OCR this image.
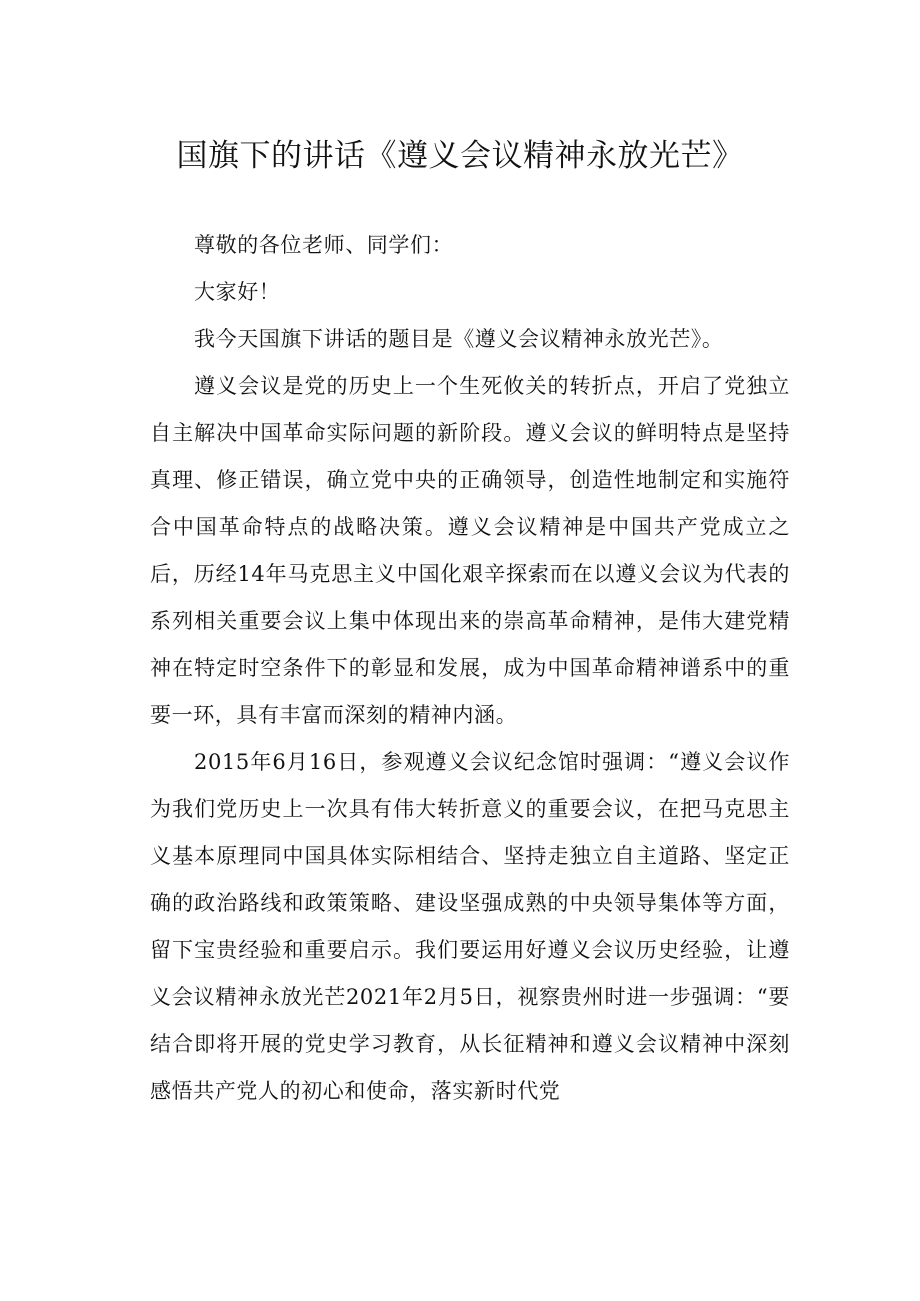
国旗下的讲话《遵义会议精神永放光芒》

尊敬的各位老师、同学们：

大家好！

我今天国旗下讲话的题目是《遵义会议精神永放光芒》。

遵义会议是党的历史上一个生死攸关的转折点，开启了党独立自主解决中国革命实际问题的新阶段。遵义会议的鲜明特点是坚持真理、修正错误，确立党中央的正确领导，创造性地制定和实施符合中国革命特点的战略决策。遵义会议精神是中国共产党成立之后，历经14年马克思主义中国化艰辛探索而在以遵义会议为代表的系列相关重要会议上集中体现出来的崇高革命精神，是伟大建党精神在特定时空条件下的彰显和发展，成为中国革命精神谱系中的重要一环，具有丰富而深刻的精神内涵。

2015年6月16日，参观遵义会议纪念馆时强调：“遵义会议作为我们党历史上一次具有伟大转折意义的重要会议，在把马克思主义基本原理同中国具体实际相结合、坚持走独立自主道路、坚定正确的政治路线和政策策略、建设坚强成熟的中央领导集体等方面，留下宝贵经验和重要启示。我们要运用好遵义会议历史经验，让遵义会议精神永放光芒2021年2月5日，视察贵州时进一步强调：“要结合即将开展的党史学习教育，从长征精神和遵义会议精神中深刻感悟共产党人的初心和使命，落实新时代党
